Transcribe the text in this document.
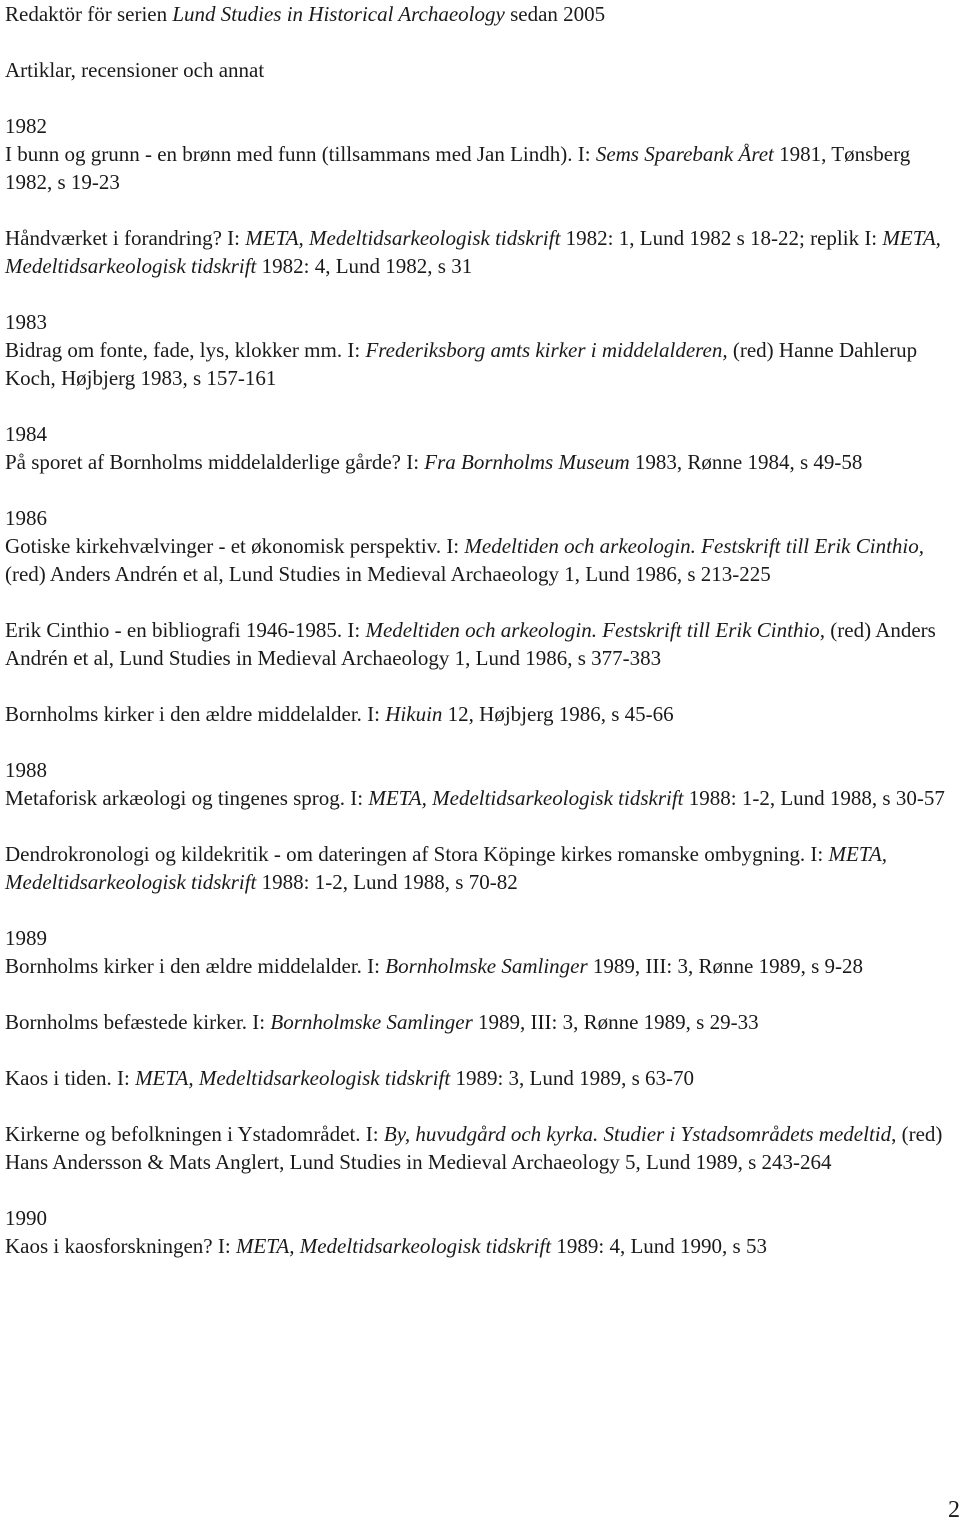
Redaktör för serien Lund Studies in Historical Archaeology sedan 2005

Artiklar, recensioner och annat

1982

I bunn og grunn - en brønn med funn (tillsammans med Jan Lindh). I: Sems Sparebank Året 1981, Tønsberg 1982, s 19-23

Håndværket i forandring? I: META, Medeltidsarkeologisk tidskrift 1982: 1, Lund 1982 s 18-22; replik I: META, Medeltidsarkeologisk tidskrift 1982: 4, Lund 1982, s 31

1983

Bidrag om fonte, fade, lys, klokker mm. I: Frederiksborg amts kirker i middelalderen, (red) Hanne Dahlerup Koch, Højbjerg 1983, s 157-161

1984

På sporet af Bornholms middelalderlige gårde? I: Fra Bornholms Museum 1983, Rønne 1984, s 49-58

1986

Gotiske kirkehvælvinger - et økonomisk perspektiv. I: Medeltiden och arkeologin. Festskrift till Erik Cinthio, (red) Anders Andrén et al, Lund Studies in Medieval Archaeology 1, Lund 1986, s 213-225

Erik Cinthio - en bibliografi 1946-1985. I: Medeltiden och arkeologin. Festskrift till Erik Cinthio, (red) Anders Andrén et al, Lund Studies in Medieval Archaeology 1, Lund 1986, s 377-383

Bornholms kirker i den ældre middelalder. I: Hikuin 12, Højbjerg 1986, s 45-66

1988

Metaforisk arkæologi og tingenes sprog. I: META, Medeltidsarkeologisk tidskrift 1988: 1-2, Lund 1988, s 30-57

Dendrokronologi og kildekritik - om dateringen af Stora Köpinge kirkes romanske ombygning. I: META, Medeltidsarkeologisk tidskrift 1988: 1-2, Lund 1988, s 70-82

1989

Bornholms kirker i den ældre middelalder. I: Bornholmske Samlinger 1989, III: 3, Rønne 1989, s 9-28

Bornholms befæstede kirker. I: Bornholmske Samlinger 1989, III: 3, Rønne 1989, s 29-33

Kaos i tiden. I: META, Medeltidsarkeologisk tidskrift 1989: 3, Lund 1989, s 63-70

Kirkerne og befolkningen i Ystadområdet. I: By, huvudgård och kyrka. Studier i Ystadsområdets medeltid, (red) Hans Andersson & Mats Anglert, Lund Studies in Medieval Archaeology 5, Lund 1989, s 243-264

1990

Kaos i kaosforskningen? I: META, Medeltidsarkeologisk tidskrift 1989: 4, Lund 1990, s 53

2
